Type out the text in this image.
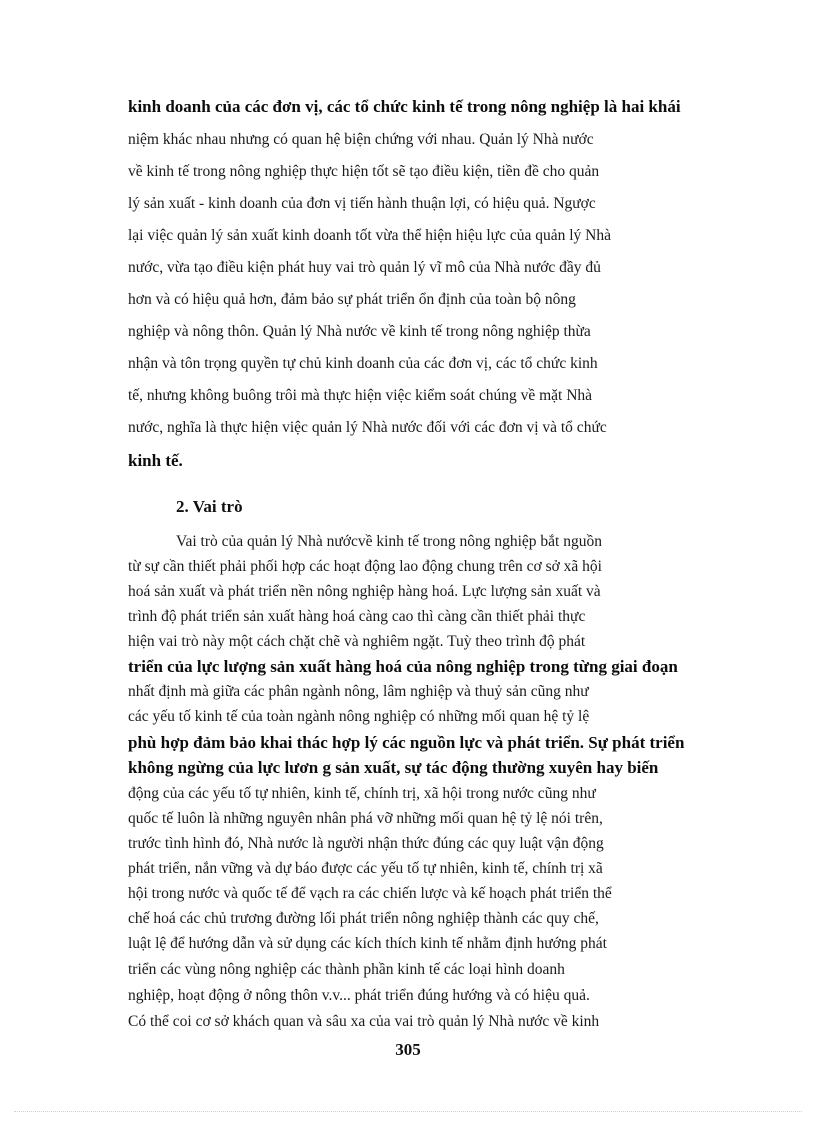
kinh doanh của các đơn vị, các tổ chức kinh tế trong nông nghiệp là hai khái
niệm khác nhau nhưng có quan hệ biện chứng với nhau. Quản lý Nhà nước
về kinh tế trong nông nghiệp thực hiện tốt sẽ tạo điều kiện, tiền đề cho quản
lý sản xuất - kinh doanh của đơn vị tiến hành thuận lợi, có hiệu quả. Ngược
lại việc quản lý sản xuất kinh doanh tốt vừa thể hiện hiệu lực của quản lý Nhà
nước, vừa tạo điều kiện phát huy vai trò quản lý vĩ mô của Nhà nước đầy đủ
hơn và có hiệu quả hơn, đảm bảo sự phát triển ổn định của toàn bộ nông
nghiệp và nông thôn. Quản lý Nhà nước về kinh tế trong nông nghiệp thừa
nhận và tôn trọng quyền tự chủ kinh doanh của các đơn vị, các tổ chức kinh
tế, nhưng không buông trôi mà thực hiện việc kiểm soát chúng về mặt Nhà
nước, nghĩa là thực hiện việc quản lý Nhà nước đối với các đơn vị và tổ chức
kinh tế.
2. Vai trò
Vai trò của quản lý Nhà nướcvề kinh tế trong nông nghiệp bắt nguồn
từ sự cần thiết phải phối hợp các hoạt động lao động chung trên cơ sở xã hội
hoá sản xuất và phát triển nền nông nghiệp hàng hoá. Lực lượng sản xuất và
trình độ phát triển sản xuất hàng hoá càng cao thì càng cần thiết phải thực
hiện vai trò này một cách chặt chẽ và nghiêm ngặt. Tuỳ theo trình độ phát
triển của lực lượng sản xuất hàng hoá của nông nghiệp trong từng giai đoạn
nhất định mà giữa các phân ngành nông, lâm nghiệp và thuỷ sản cũng như
các yếu tố kinh tế của toàn ngành nông nghiệp có những mối quan hệ tỷ lệ
phù hợp đảm bảo khai thác hợp lý các nguồn lực và phát triển. Sự phát triển
không ngừng của lực lươn g sản xuất, sự tác động thường xuyên hay biến
động của các yếu tố tự nhiên, kinh tế, chính trị, xã hội trong nước cũng như
quốc tế luôn là những nguyên nhân phá vỡ những mối quan hệ tỷ lệ nói trên,
trước tình hình đó, Nhà nước là người nhận thức đúng các quy luật vận động
phát triển, nắn vững và dự báo được các yếu tố tự nhiên, kinh tế, chính trị xã
hội trong nước và quốc tế để vạch ra các chiến lược và kế hoạch phát triển thể
chế hoá các chủ trương đường lối phát triển nông nghiệp thành các quy chế,
luật lệ để hướng dẫn và sử dụng các kích thích kinh tế nhằm định hướng phát
triển các vùng nông nghiệp các thành phần kinh tế các loại hình doanh
nghiệp, hoạt động ở nông thôn v.v... phát triển đúng hướng và có hiệu quả.
Có thể coi cơ sở khách quan và sâu xa của vai trò quản lý Nhà nước về kinh
305
